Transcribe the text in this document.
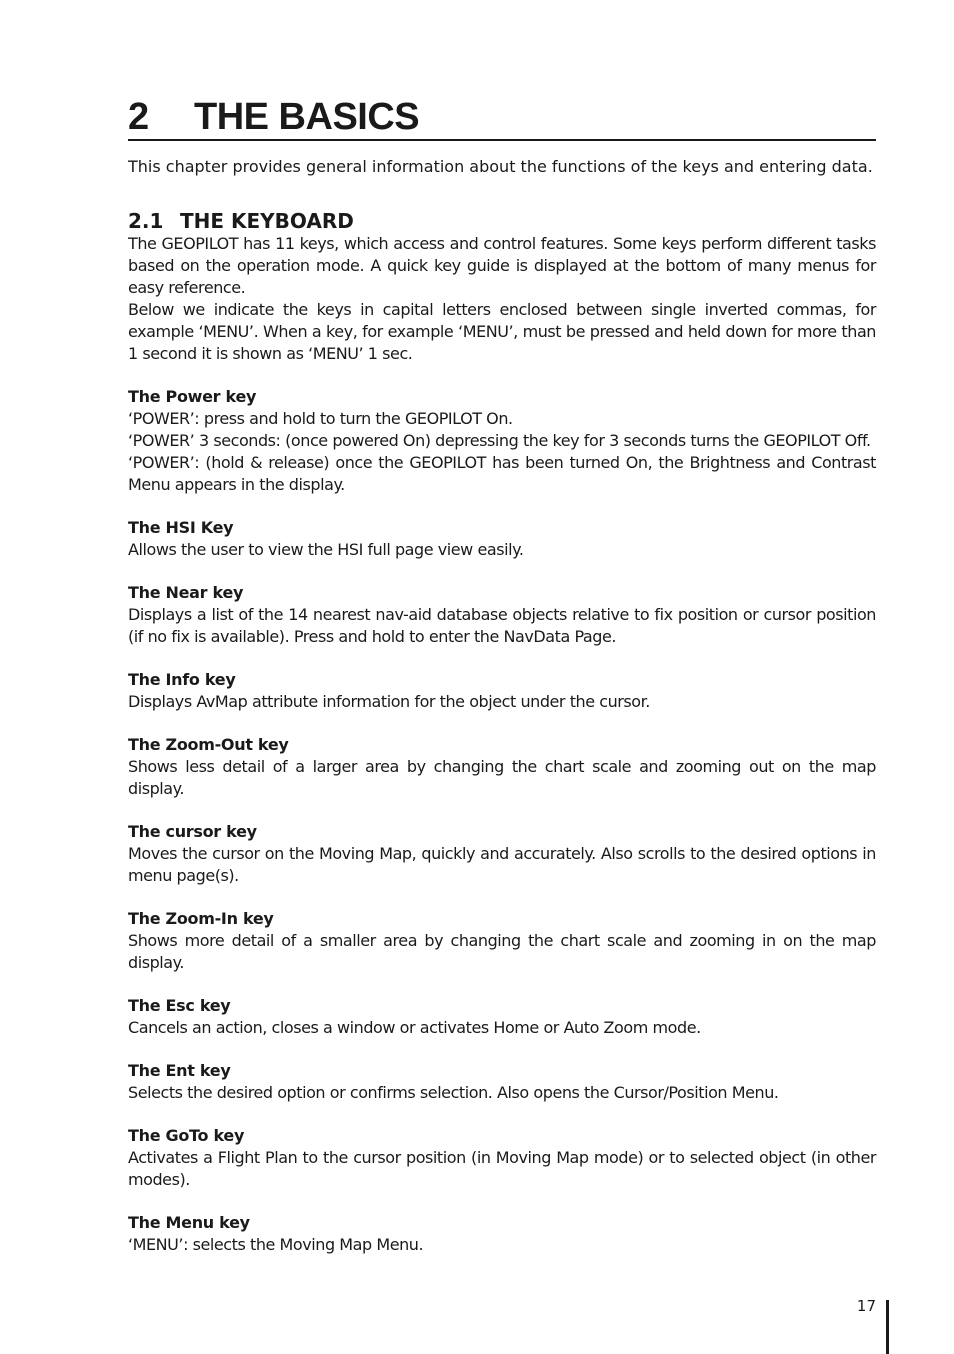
2 THE BASICS

This chapter provides general information about the functions of the keys and entering data.

2.1 THE KEYBOARD

The GEOPILOT has 11 keys, which access and control features. Some keys perform different tasks based on the operation mode. A quick key guide is displayed at the bottom of many menus for easy reference.

Below we indicate the keys in capital letters enclosed between single inverted commas, for example ‘MENU’. When a key, for example ‘MENU’, must be pressed and held down for more than 1 second it is shown as ‘MENU’ 1 sec.

The Power key

‘POWER’: press and hold to turn the GEOPILOT On.

‘POWER’ 3 seconds: (once powered On) depressing the key for 3 seconds turns the GEOPILOT Off.

‘POWER’: (hold & release) once the GEOPILOT has been turned On, the Brightness and Contrast Menu appears in the display.

The HSI Key

Allows the user to view the HSI full page view easily.

The Near key

Displays a list of the 14 nearest nav-aid database objects relative to fix position or cursor position (if no fix is available). Press and hold to enter the NavData Page.

The Info key

Displays AvMap attribute information for the object under the cursor.

The Zoom-Out key

Shows less detail of a larger area by changing the chart scale and zooming out on the map display.

The cursor key

Moves the cursor on the Moving Map, quickly and accurately. Also scrolls to the desired options in menu page(s).

The Zoom-In key

Shows more detail of a smaller area by changing the chart scale and zooming in on the map display.

The Esc key

Cancels an action, closes a window or activates Home or Auto Zoom mode.

The Ent key

Selects the desired option or confirms selection. Also opens the Cursor/Position Menu.

The GoTo key

Activates a Flight Plan to the cursor position (in Moving Map mode) or to selected object (in other modes).

The Menu key

‘MENU’: selects the Moving Map Menu.

17
